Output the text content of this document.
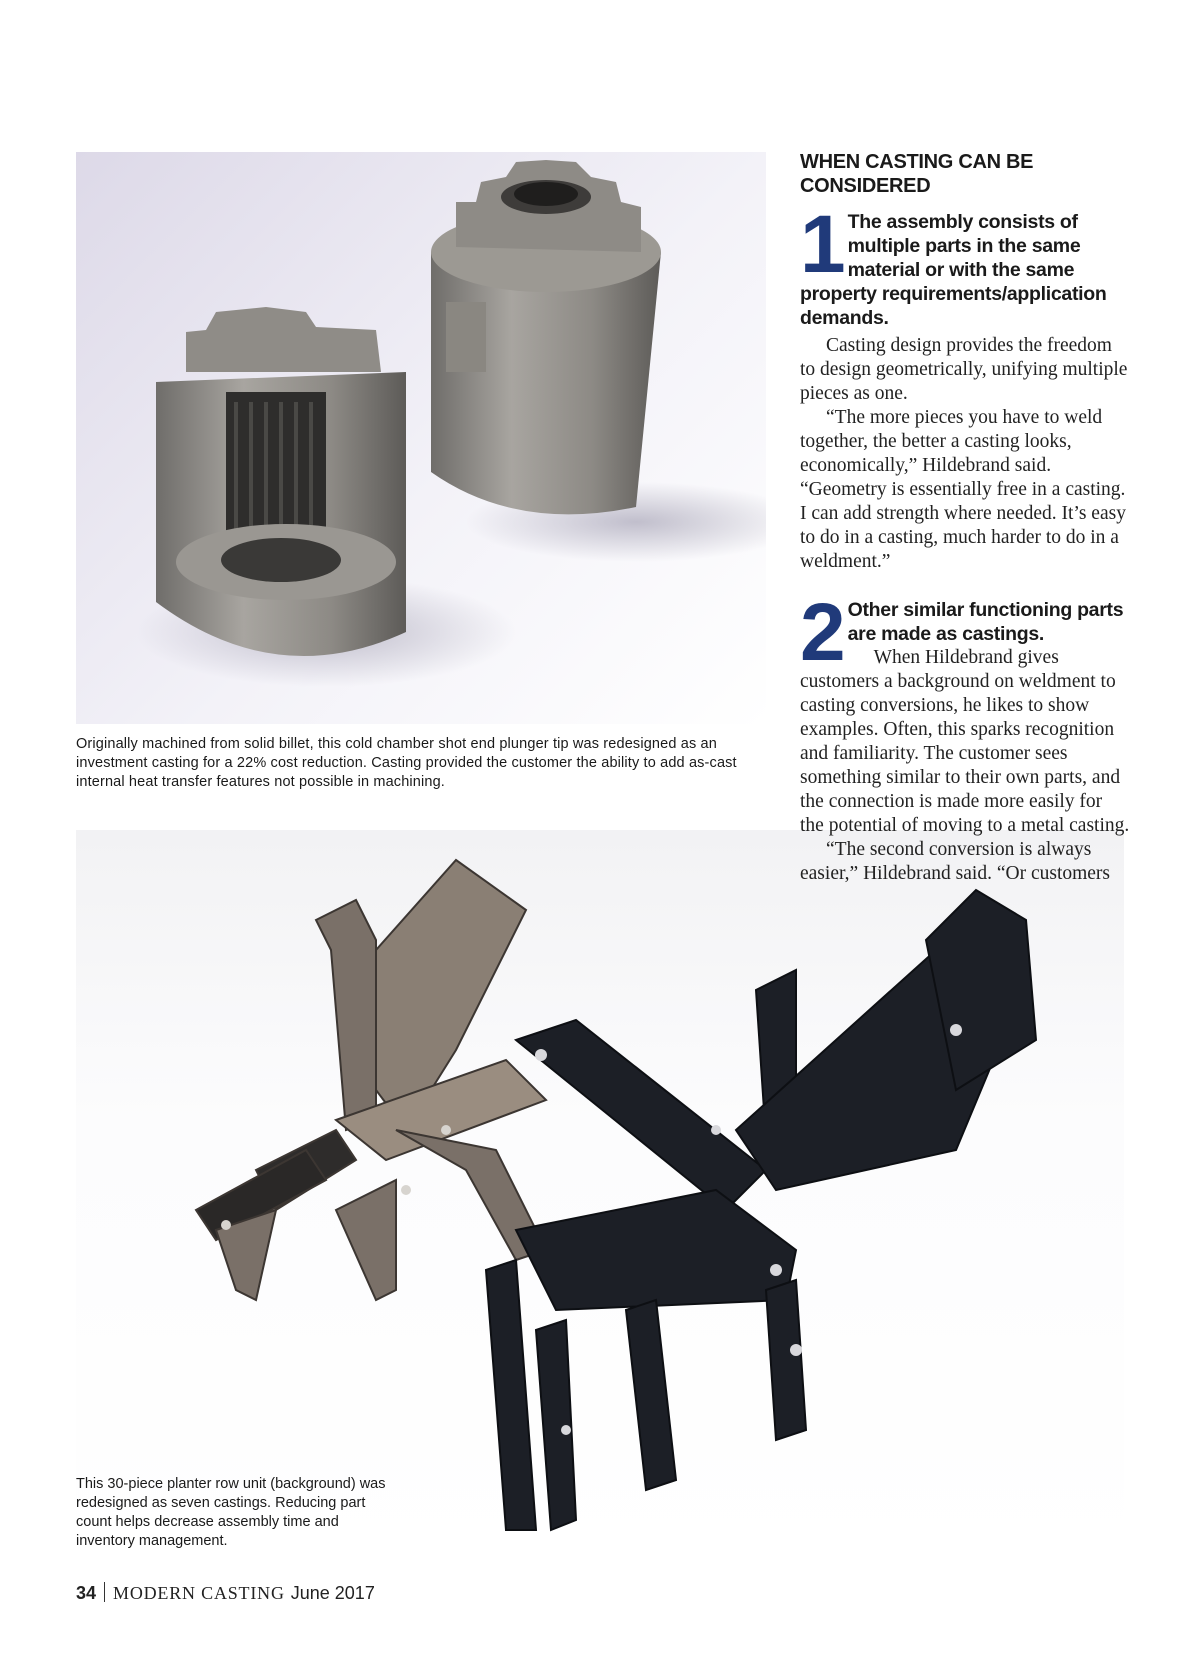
Originally machined from solid billet, this cold chamber shot end plunger tip was redesigned as an investment casting for a 22% cost reduction. Casting provided the customer the ability to add as-cast internal heat transfer features not possible in machining.

This 30-piece planter row unit (background) was redesigned as seven castings. Reducing part count helps decrease assembly time and inventory management.

WHEN CASTING CAN BE CONSIDERED
1 The assembly consists of multiple parts in the same material or with the same property requirements/application demands.

Casting design provides the freedom to design geometrically, unifying multiple pieces as one.

“The more pieces you have to weld together, the better a casting looks, economically,” Hildebrand said. “Geometry is essentially free in a casting. I can add strength where needed. It’s easy to do in a casting, much harder to do in a weldment.”

2 Other similar functioning parts are made as castings.

When Hildebrand gives customers a background on weldment to casting conversions, he likes to show examples. Often, this sparks recognition and familiarity. The customer sees something similar to their own parts, and the connection is made more easily for the potential of moving to a metal casting.

“The second conversion is always easier,” Hildebrand said. “Or customers

34 MODERN CASTING June 2017
